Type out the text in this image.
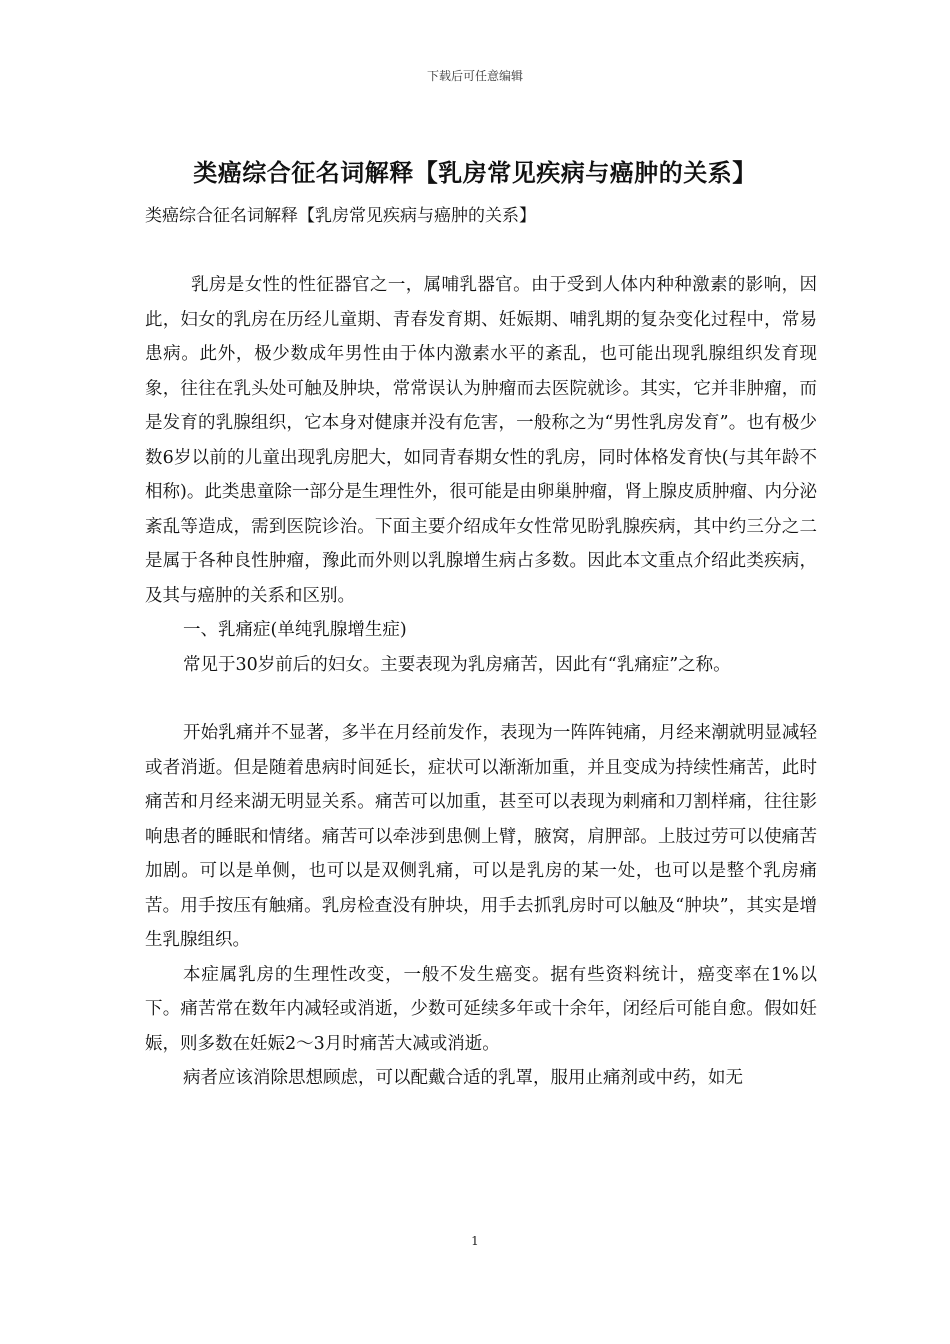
下载后可任意编辑
类癌综合征名词解释【乳房常见疾病与癌肿的关系】
类癌综合征名词解释【乳房常见疾病与癌肿的关系】

乳房是女性的性征器官之一，属哺乳器官。由于受到人体内种种激素的影响，因此，妇女的乳房在历经儿童期、青春发育期、妊娠期、哺乳期的复杂变化过程中，常易患病。此外，极少数成年男性由于体内激素水平的紊乱，也可能出现乳腺组织发育现象，往往在乳头处可触及肿块，常常误认为肿瘤而去医院就诊。其实，它并非肿瘤，而是发育的乳腺组织，它本身对健康并没有危害，一般称之为“男性乳房发育”。也有极少数6岁以前的儿童出现乳房肥大，如同青春期女性的乳房，同时体格发育快(与其年龄不相称)。此类患童除一部分是生理性外，很可能是由卵巢肿瘤，肾上腺皮质肿瘤、内分泌紊乱等造成，需到医院诊治。下面主要介绍成年女性常见盼乳腺疾病，其中约三分之二是属于各种良性肿瘤，豫此而外则以乳腺增生病占多数。因此本文重点介绍此类疾病，及其与癌肿的关系和区别。

一、乳痛症(单纯乳腺增生症)

常见于30岁前后的妇女。主要表现为乳房痛苦，因此有“乳痛症”之称。

开始乳痛并不显著，多半在月经前发作，表现为一阵阵钝痛，月经来潮就明显减轻或者消逝。但是随着患病时间延长，症状可以渐渐加重，并且变成为持续性痛苦，此时痛苦和月经来湖无明显关系。痛苦可以加重，甚至可以表现为刺痛和刀割样痛，往往影响患者的睡眠和情绪。痛苦可以牵涉到患侧上臂，腋窝，肩胛部。上肢过劳可以使痛苦加剧。可以是单侧，也可以是双侧乳痛，可以是乳房的某一处，也可以是整个乳房痛苦。用手按压有触痛。乳房检查没有肿块，用手去抓乳房时可以触及“肿块”，其实是增生乳腺组织。

本症属乳房的生理性改变，一般不发生癌变。据有些资料统计，癌变率在1%以下。痛苦常在数年内减轻或消逝，少数可延续多年或十余年，闭经后可能自愈。假如妊娠，则多数在妊娠2～3月时痛苦大减或消逝。

病者应该消除思想顾虑，可以配戴合适的乳罩，服用止痛剂或中药，如无

1
